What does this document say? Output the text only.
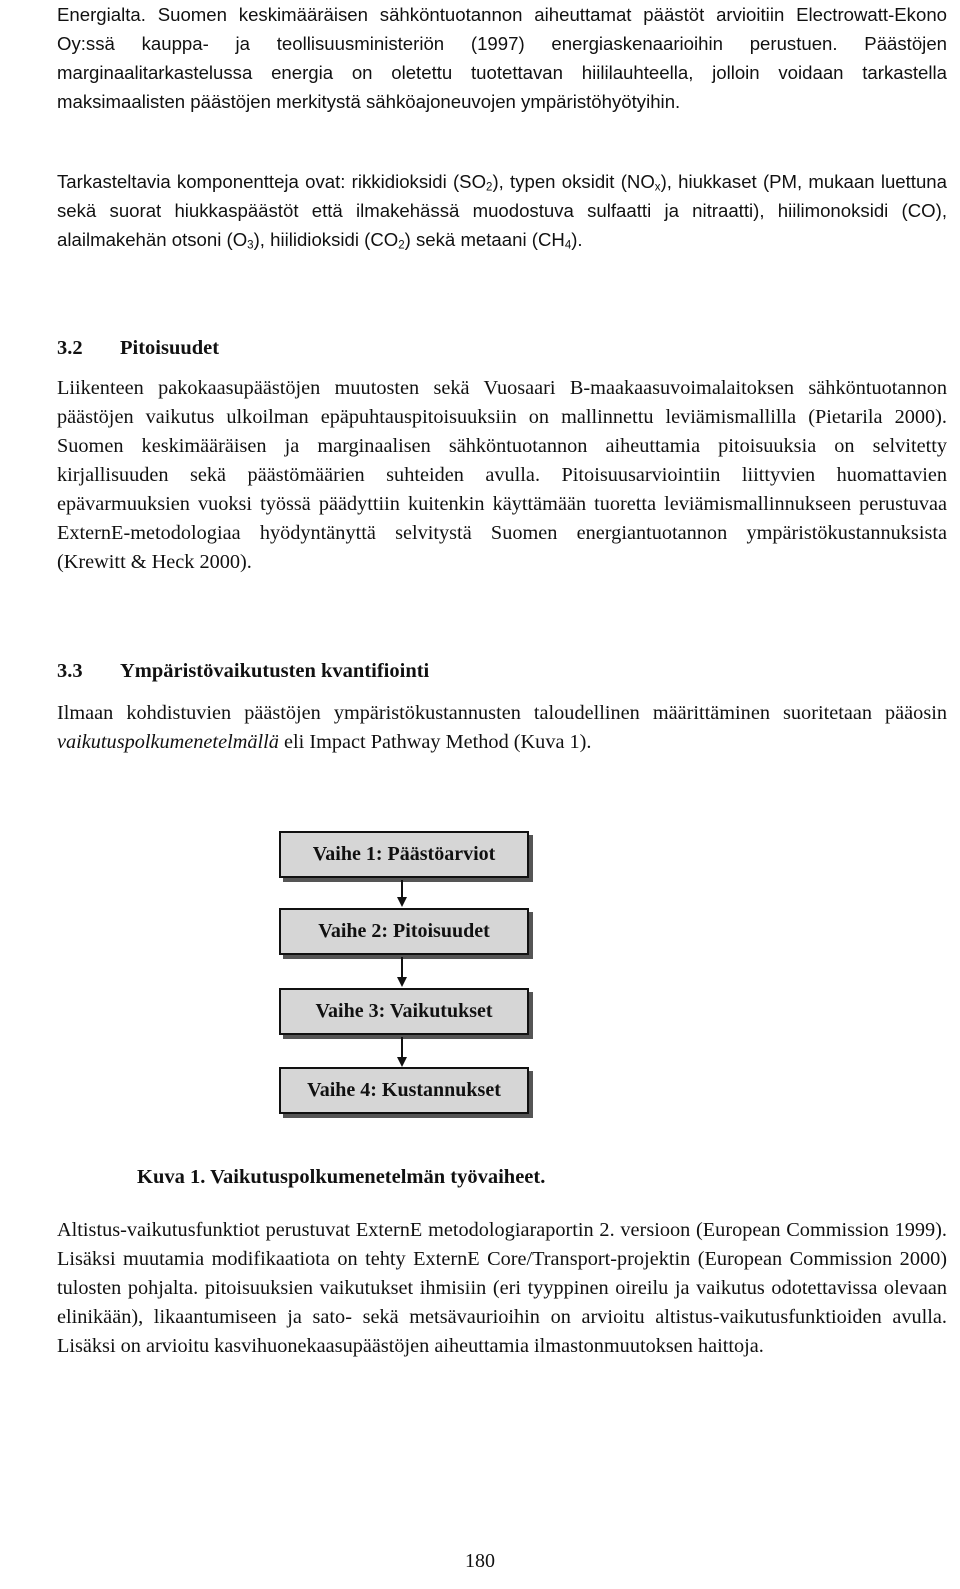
Energialta. Suomen keskimääräisen sähköntuotannon aiheuttamat päästöt arvioitiin Electrowatt-Ekono Oy:ssä kauppa- ja teollisuusministeriön (1997) energiaskenaarioihin perustuen. Päästöjen marginaalitarkastelussa energia on oletettu tuotettavan hiililauhteella, jolloin voidaan tarkastella maksimaalisten päästöjen merkitystä sähköajoneuvojen ympäristöhyötyihin.

Tarkasteltavia komponentteja ovat: rikkidioksidi $(SO_2)$, typen oksidit $(NO_x)$, hiukkaset (PM, mukaan luettuna sekä suorat hiukkaspäästöt että ilmakehässä muodostuva sulfaatti ja nitraatti), hiilimonoksidi (CO), alailmakehän otsoni $(O_3)$, hiilidioksidi $(CO_2)$ sekä metaani $(CH_4)$.

3.2 Pitoisuudet

Liikenteen pakokaasupäästöjen muutosten sekä Vuosaari B-maakaasuvoimalaitoksen sähköntuotannon päästöjen vaikutus ulkoilman epäpuhtauspitoisuuksiin on mallinnettu leviämismallilla (Pietarila 2000). Suomen keskimääräisen ja marginaalisen sähköntuotannon aiheuttamia pitoisuuksia on selvitetty kirjallisuuden sekä päästömäärien suhteiden avulla. Pitoisuusarviointiin liittyvien huomattavien epävarmuuksien vuoksi työssä päädyttiin kuitenkin käyttämään tuoretta leviämismallinnukseen perustuvaa ExternE-metodologiaa hyödyntänyttä selvitystä Suomen energiantuotannon ympäristökustannuksista (Krewitt & Heck 2000).

3.3 Ympäristövaikutusten kvantifiointi

Ilmaan kohdistuvien päästöjen ympäristökustannusten taloudellinen määrittäminen suoritetaan pääosin vaikutuspolkumenetelmällä eli Impact Pathway Method (Kuva 1).

Vaihe 1: Päästöarviot
Vaihe 2: Pitoisuudet
Vaihe 3: Vaikutukset
Vaihe 4: Kustannukset

Kuva 1. Vaikutuspolkumenetelmän työvaiheet.

Altistus-vaikutusfunktiot perustuvat ExternE metodologiaraportin 2. versioon (European Commission 1999). Lisäksi muutamia modifikaatiota on tehty ExternE Core/Transport-projektin (European Commission 2000) tulosten pohjalta. pitoisuuksien vaikutukset ihmisiin (eri tyyppinen oireilu ja vaikutus odotettavissa olevaan elinikään), likaantumiseen ja sato- sekä metsävaurioihin on arvioitu altistus-vaikutusfunktioiden avulla. Lisäksi on arvioitu kasvihuonekaasupäästöjen aiheuttamia ilmastonmuutoksen haittoja.

180
